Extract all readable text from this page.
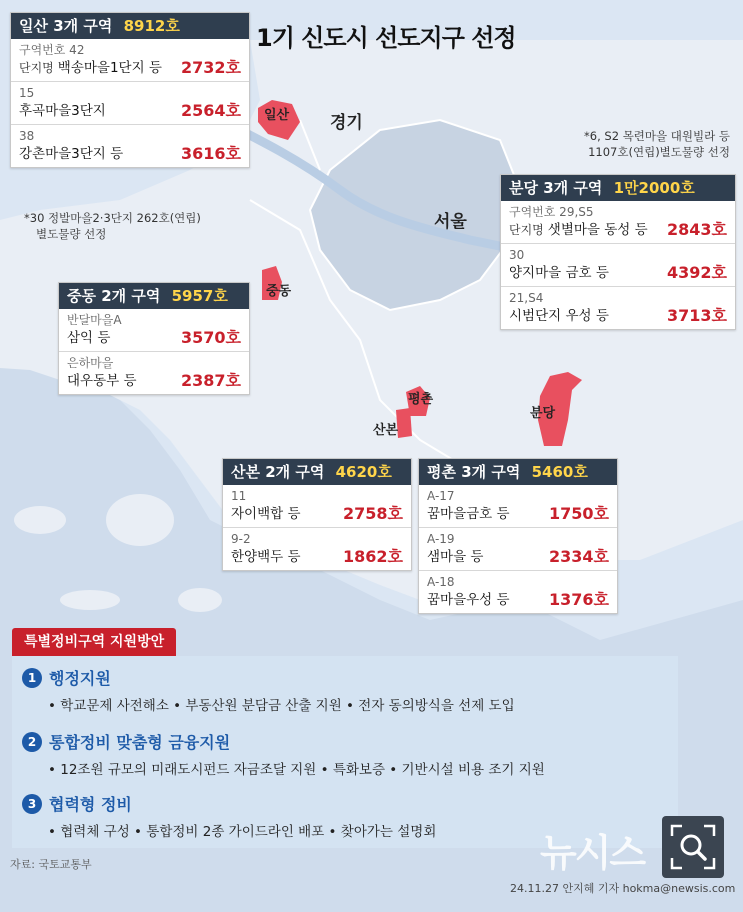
1기 신도시 선도지구 선정
경기
서울
일산
중동
평촌
산본
분당
일산 3개 구역 8912호
구역번호 42
단지명 백송마을1단지 등 2732호
15
후곡마을3단지	2564호
38
강촌마을3단지 등	3616호
*30 정발마을2·3단지 262호(연립)
별도물량 선정
*6, S2 목련마을 대원빌라 등
1107호(연립)별도물량 선정
분당 3개 구역 1만2000호
구역번호 29,S5
단지명 샛별마을 동성 등 2843호
30
양지마을 금호 등	4392호
21,S4
시범단지 우성 등	3713호
중동 2개 구역 5957호
반달마을A
삼익 등	3570호
은하마을
대우동부 등	2387호
산본 2개 구역 4620호
11
자이백합 등	2758호
9-2
한양백두 등	1862호
평촌 3개 구역 5460호
A-17
꿈마을금호 등 1750호
A-19
샘마을 등	2334호
A-18
꿈마을우성 등 1376호
특별정비구역 지원방안
1 행정지원
• 학교문제 사전해소 • 부동산원 분담금 산출 지원 • 전자 동의방식을 선제 도입
2 통합정비 맞춤형 금융지원
• 12조원 규모의 미래도시펀드 자금조달 지원 • 특화보증 • 기반시설 비용 조기 지원
3 협력형 정비
• 협력체 구성 • 통합정비 2종 가이드라인 배포 • 찾아가는 설명회	뉴시스
자료: 국토교통부
24.11.27 안지혜 기자 hokma@newsis.com
